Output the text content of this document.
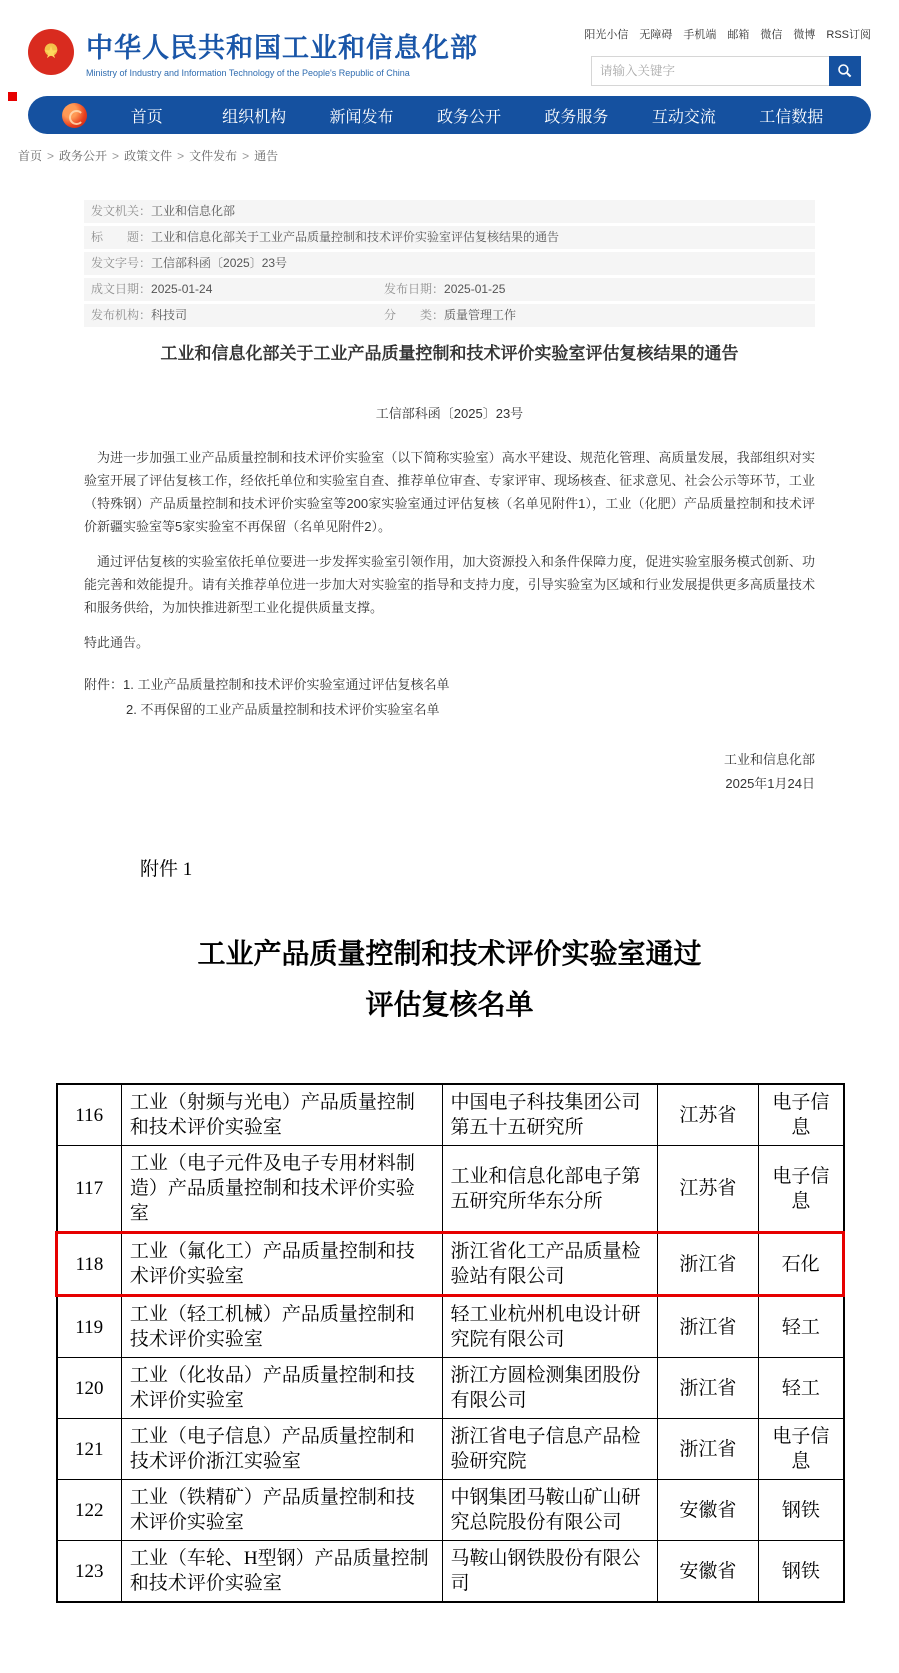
★ 中华人民共和国工业和信息化部
Ministry of Industry and Information Technology of the People's Republic of China
阳光小信 无障碍 手机端 邮箱 微信 微博 RSS订阅
请输入关键字
首页	组织机构	新闻发布	政务公开	政务服务	互动交流	工信数据
首页 > 政务公开 > 政策文件 > 文件发布 > 通告
发文机关：工业和信息化部
标　　题：工业和信息化部关于工业产品质量控制和技术评价实验室评估复核结果的通告
发文字号：工信部科函〔2025〕23号
成文日期：2025-01-24	发布日期：2025-01-25
发布机构：科技司	分　　类：质量管理工作
工业和信息化部关于工业产品质量控制和技术评价实验室评估复核结果的通告
工信部科函〔2025〕23号

为进一步加强工业产品质量控制和技术评价实验室（以下简称实验室）高水平建设、规范化管理、高质量发展，我部组织对实验室开展了评估复核工作，经依托单位和实验室自查、推荐单位审查、专家评审、现场核查、征求意见、社会公示等环节，工业（特殊钢）产品质量控制和技术评价实验室等200家实验室通过评估复核（名单见附件1），工业（化肥）产品质量控制和技术评价新疆实验室等5家实验室不再保留（名单见附件2）。

通过评估复核的实验室依托单位要进一步发挥实验室引领作用，加大资源投入和条件保障力度，促进实验室服务模式创新、功能完善和效能提升。请有关推荐单位进一步加大对实验室的指导和支持力度，引导实验室为区域和行业发展提供更多高质量技术和服务供给，为加快推进新型工业化提供质量支撑。

特此通告。

附件：1. 工业产品质量控制和技术评价实验室通过评估复核名单
2. 不再保留的工业产品质量控制和技术评价实验室名单
工业和信息化部
2025年1月24日
附件 1
工业产品质量控制和技术评价实验室通过
评估复核名单
116	工业（射频与光电）产品质量控制和技术评价实验室	中国电子科技集团公司第五十五研究所	江苏省	电子信息
117	工业（电子元件及电子专用材料制造）产品质量控制和技术评价实验室	工业和信息化部电子第五研究所华东分所	江苏省	电子信息
118	工业（氟化工）产品质量控制和技术评价实验室	浙江省化工产品质量检验站有限公司	浙江省	石化
119	工业（轻工机械）产品质量控制和技术评价实验室	轻工业杭州机电设计研究院有限公司	浙江省	轻工
120	工业（化妆品）产品质量控制和技术评价实验室	浙江方圆检测集团股份有限公司	浙江省	轻工
121	工业（电子信息）产品质量控制和技术评价浙江实验室	浙江省电子信息产品检验研究院	浙江省	电子信息
122	工业（铁精矿）产品质量控制和技术评价实验室	中钢集团马鞍山矿山研究总院股份有限公司	安徽省	钢铁
123	工业（车轮、H型钢）产品质量控制和技术评价实验室	马鞍山钢铁股份有限公司	安徽省	钢铁
